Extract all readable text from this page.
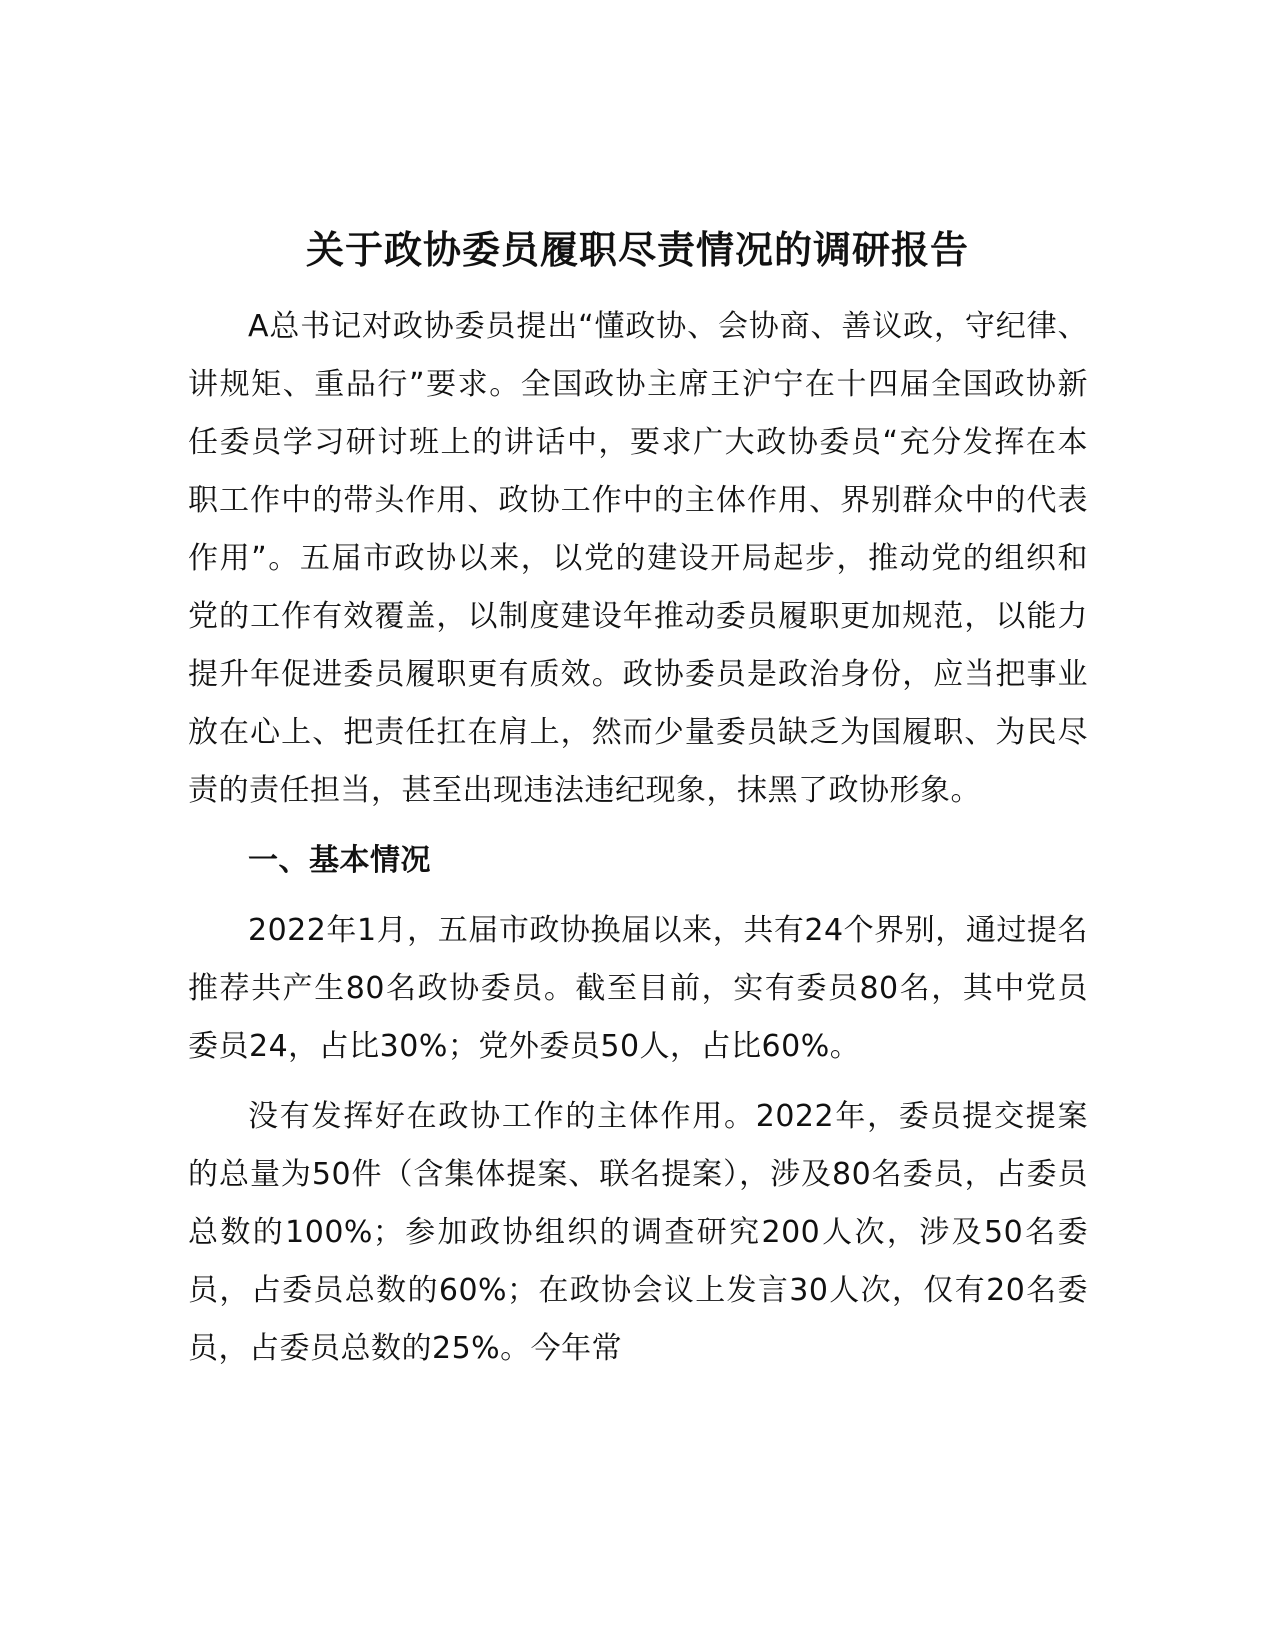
关于政协委员履职尽责情况的调研报告

A总书记对政协委员提出“懂政协、会协商、善议政，守纪律、讲规矩、重品行”要求。全国政协主席王沪宁在十四届全国政协新任委员学习研讨班上的讲话中，要求广大政协委员“充分发挥在本职工作中的带头作用、政协工作中的主体作用、界别群众中的代表作用”。五届市政协以来，以党的建设开局起步，推动党的组织和党的工作有效覆盖，以制度建设年推动委员履职更加规范，以能力提升年促进委员履职更有质效。政协委员是政治身份，应当把事业放在心上、把责任扛在肩上，然而少量委员缺乏为国履职、为民尽责的责任担当，甚至出现违法违纪现象，抹黑了政协形象。

一、基本情况

2022年1月，五届市政协换届以来，共有24个界别，通过提名推荐共产生80名政协委员。截至目前，实有委员80名，其中党员委员24，占比30%；党外委员50人，占比60%。

没有发挥好在政协工作的主体作用。2022年，委员提交提案的总量为50件（含集体提案、联名提案），涉及80名委员，占委员总数的100%；参加政协组织的调查研究200人次，涉及50名委员，占委员总数的60%；在政协会议上发言30人次，仅有20名委员，占委员总数的25%。今年常
